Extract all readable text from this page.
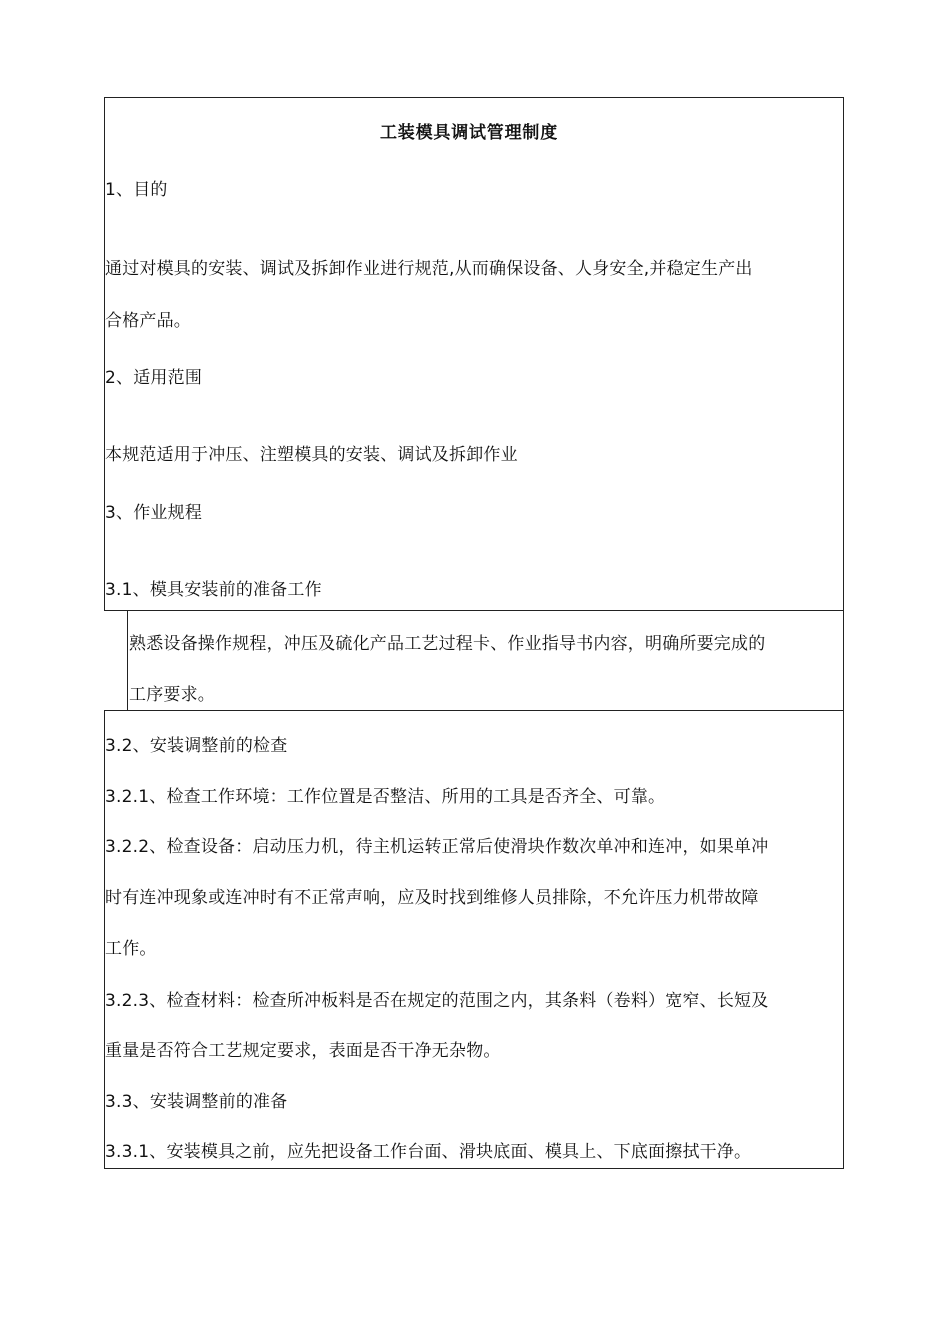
工装模具调试管理制度
1、目的
通过对模具的安装、调试及拆卸作业进行规范,从而确保设备、人身安全,并稳定生产出
合格产品。
2、适用范围
本规范适用于冲压、注塑模具的安装、调试及拆卸作业
3、作业规程
3.1、模具安装前的准备工作
熟悉设备操作规程，冲压及硫化产品工艺过程卡、作业指导书内容，明确所要完成的
工序要求。
3.2、安装调整前的检查
3.2.1、检查工作环境：工作位置是否整洁、所用的工具是否齐全、可靠。
3.2.2、检查设备：启动压力机，待主机运转正常后使滑块作数次单冲和连冲，如果单冲
时有连冲现象或连冲时有不正常声响，应及时找到维修人员排除，不允许压力机带故障
工作。
3.2.3、检查材料：检查所冲板料是否在规定的范围之内，其条料（卷料）宽窄、长短及
重量是否符合工艺规定要求，表面是否干净无杂物。
3.3、安装调整前的准备
3.3.1、安装模具之前，应先把设备工作台面、滑块底面、模具上、下底面擦拭干净。
